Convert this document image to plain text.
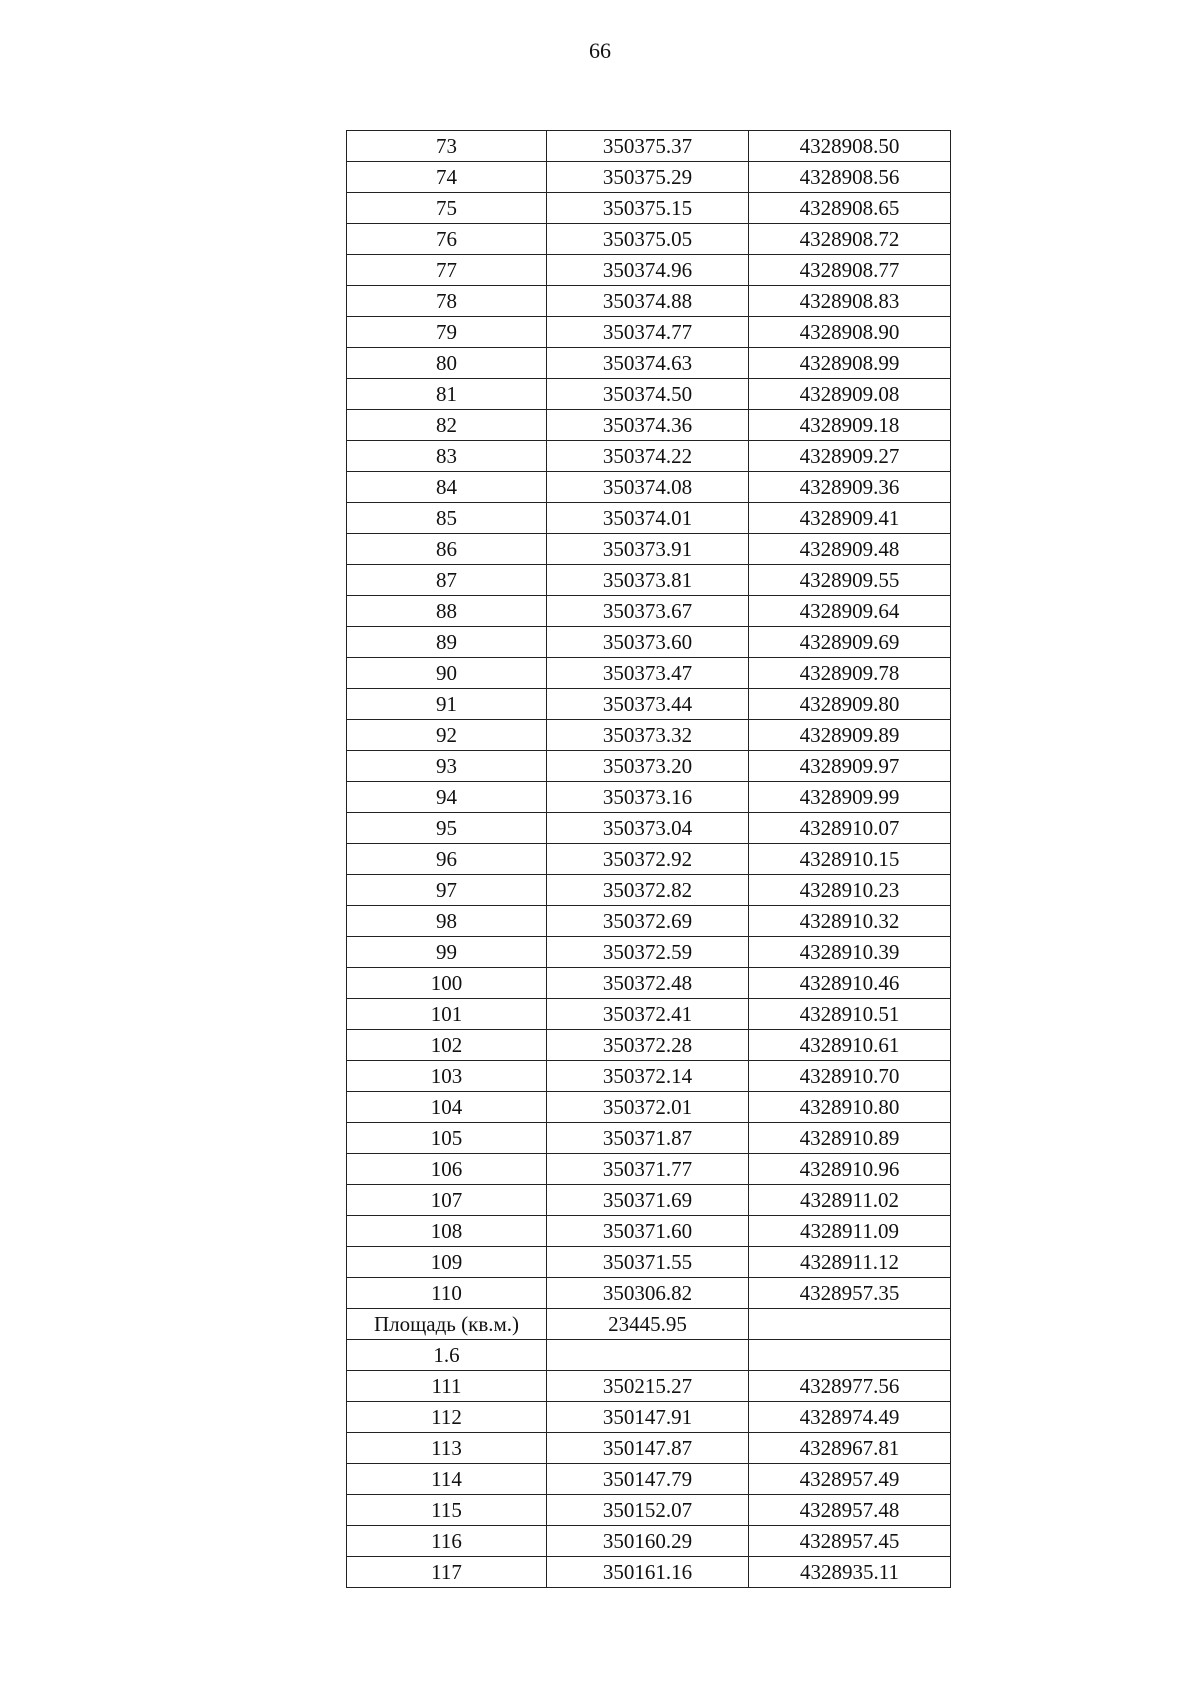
66
73	350375.37	4328908.50
74	350375.29	4328908.56
75	350375.15	4328908.65
76	350375.05	4328908.72
77	350374.96	4328908.77
78	350374.88	4328908.83
79	350374.77	4328908.90
80	350374.63	4328908.99
81	350374.50	4328909.08
82	350374.36	4328909.18
83	350374.22	4328909.27
84	350374.08	4328909.36
85	350374.01	4328909.41
86	350373.91	4328909.48
87	350373.81	4328909.55
88	350373.67	4328909.64
89	350373.60	4328909.69
90	350373.47	4328909.78
91	350373.44	4328909.80
92	350373.32	4328909.89
93	350373.20	4328909.97
94	350373.16	4328909.99
95	350373.04	4328910.07
96	350372.92	4328910.15
97	350372.82	4328910.23
98	350372.69	4328910.32
99	350372.59	4328910.39
100	350372.48	4328910.46
101	350372.41	4328910.51
102	350372.28	4328910.61
103	350372.14	4328910.70
104	350372.01	4328910.80
105	350371.87	4328910.89
106	350371.77	4328910.96
107	350371.69	4328911.02
108	350371.60	4328911.09
109	350371.55	4328911.12
110	350306.82	4328957.35
Площадь (кв.м.)	23445.95	
1.6		
111	350215.27	4328977.56
112	350147.91	4328974.49
113	350147.87	4328967.81
114	350147.79	4328957.49
115	350152.07	4328957.48
116	350160.29	4328957.45
117	350161.16	4328935.11
